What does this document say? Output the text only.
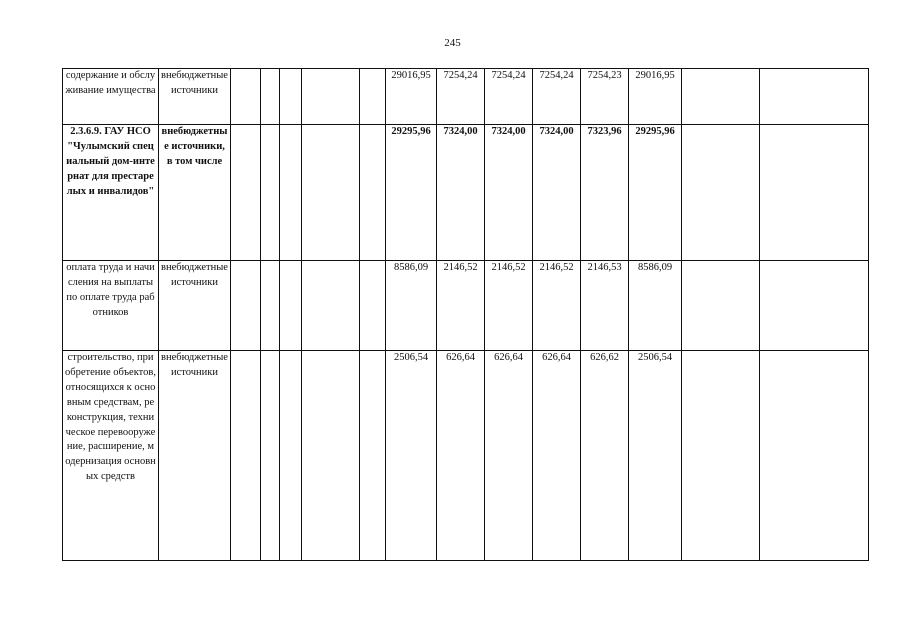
245
содержание и обслуживание имущества	внебюджетные источники						29016,95	7254,24	7254,24	7254,24	7254,23	29016,95		
2.3.6.9. ГАУ НСО "Чулымский специальный дом-интернат для престарелых и инвалидов"	внебюджетные источники, в том числе						29295,96	7324,00	7324,00	7324,00	7323,96	29295,96		
оплата труда и начисления на выплаты по оплате труда работников	внебюджетные источники						8586,09	2146,52	2146,52	2146,52	2146,53	8586,09		
строительство, приобретение объектов, относящихся к основным средствам, реконструкция, техническое перевооружение, расширение, модернизация основных средств	внебюджетные источники						2506,54	626,64	626,64	626,64	626,62	2506,54		
